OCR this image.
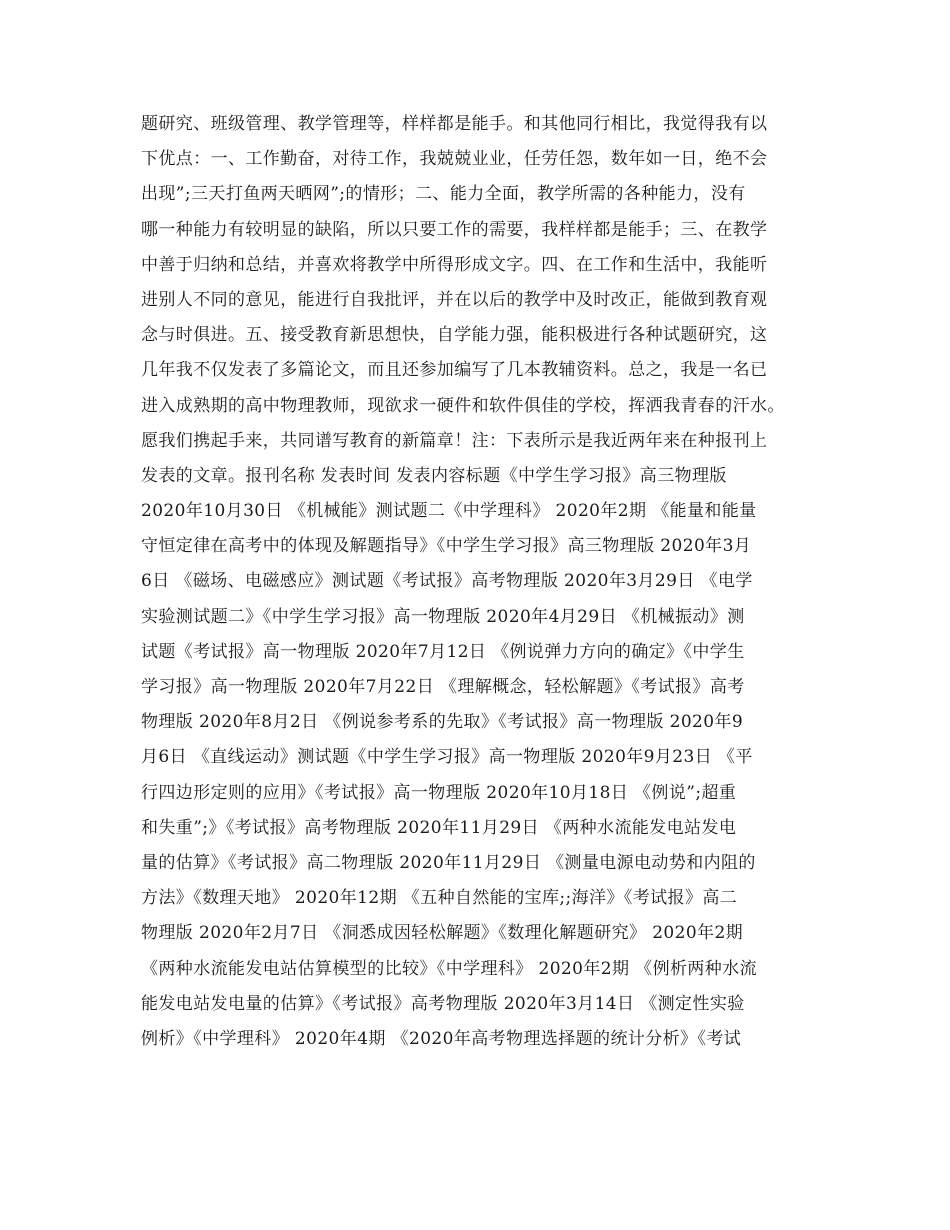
题研究、班级管理、教学管理等，样样都是能手。和其他同行相比，我觉得我有以
下优点：一、工作勤奋，对待工作，我兢兢业业，任劳任怨，数年如一日，绝不会
出现”;三天打鱼两天晒网”;的情形；二、能力全面，教学所需的各种能力，没有
哪一种能力有较明显的缺陷，所以只要工作的需要，我样样都是能手；三、在教学
中善于归纳和总结，并喜欢将教学中所得形成文字。四、在工作和生活中，我能听
进别人不同的意见，能进行自我批评，并在以后的教学中及时改正，能做到教育观
念与时俱进。五、接受教育新思想快，自学能力强，能积极进行各种试题研究，这
几年我不仅发表了多篇论文，而且还参加编写了几本教辅资料。总之，我是一名已
进入成熟期的高中物理教师，现欲求一硬件和软件俱佳的学校，挥洒我青春的汗水。
愿我们携起手来，共同谱写教育的新篇章！注：下表所示是我近两年来在种报刊上
发表的文章。报刊名称 发表时间 发表内容标题《中学生学习报》高三物理版
2020年10月30日 《机械能》测试题二《中学理科》 2020年2期 《能量和能量
守恒定律在高考中的体现及解题指导》《中学生学习报》高三物理版 2020年3月
6日 《磁场、电磁感应》测试题《考试报》高考物理版 2020年3月29日 《电学
实验测试题二》《中学生学习报》高一物理版 2020年4月29日 《机械振动》测
试题《考试报》高一物理版 2020年7月12日 《例说弹力方向的确定》《中学生
学习报》高一物理版 2020年7月22日 《理解概念，轻松解题》《考试报》高考
物理版 2020年8月2日 《例说参考系的先取》《考试报》高一物理版 2020年9
月6日 《直线运动》测试题《中学生学习报》高一物理版 2020年9月23日 《平
行四边形定则的应用》《考试报》高一物理版 2020年10月18日 《例说”;超重
和失重”;》《考试报》高考物理版 2020年11月29日 《两种水流能发电站发电
量的估算》《考试报》高二物理版 2020年11月29日 《测量电源电动势和内阻的
方法》《数理天地》 2020年12期 《五种自然能的宝库;;海洋》《考试报》高二
物理版 2020年2月7日 《洞悉成因轻松解题》《数理化解题研究》 2020年2期
《两种水流能发电站估算模型的比较》《中学理科》 2020年2期 《例析两种水流
能发电站发电量的估算》《考试报》高考物理版 2020年3月14日 《测定性实验
例析》《中学理科》 2020年4期 《2020年高考物理选择题的统计分析》《考试
